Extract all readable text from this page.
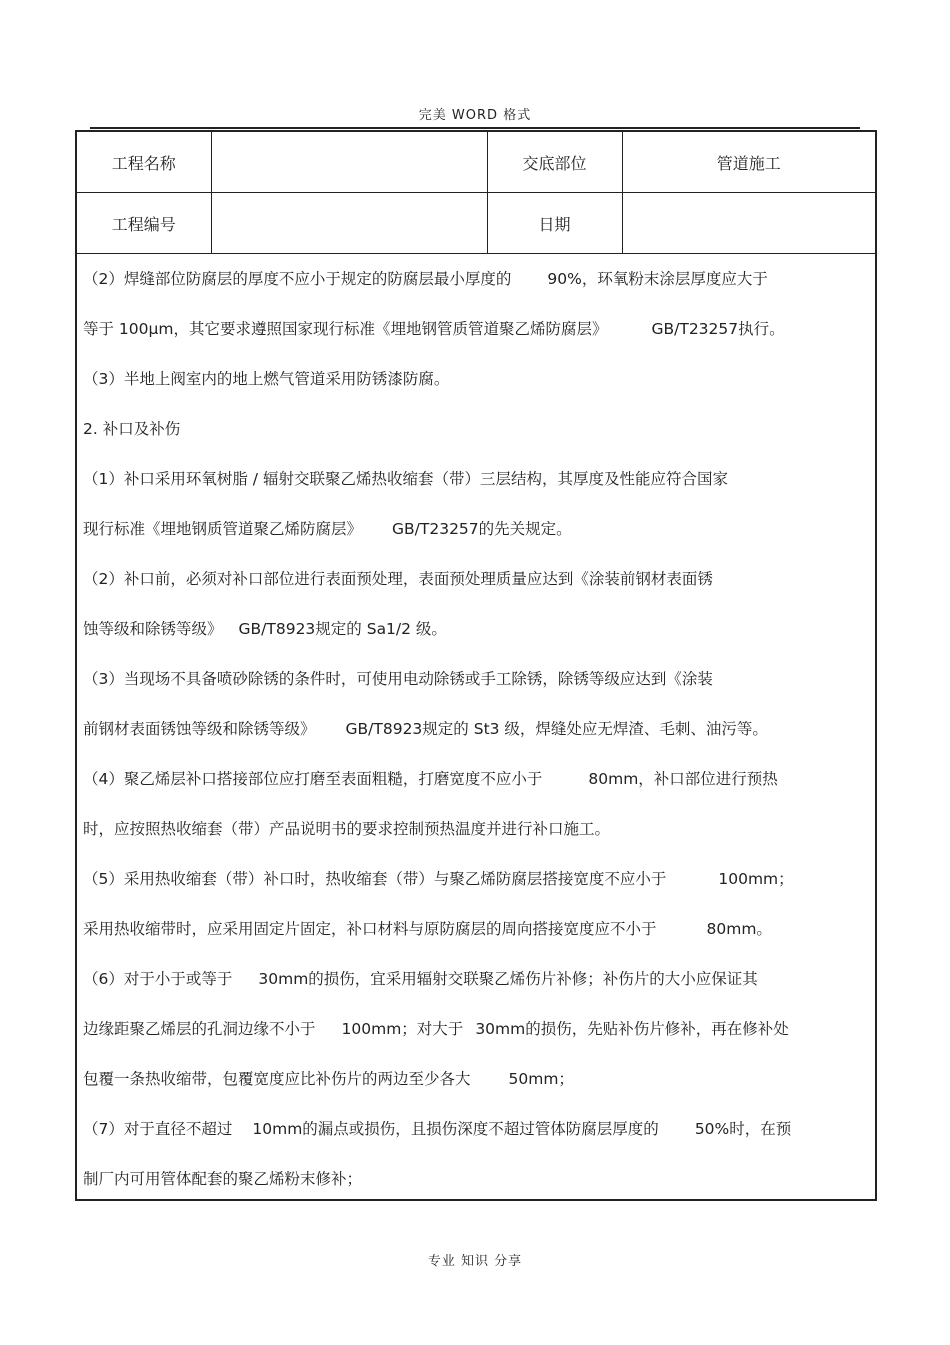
完美 WORD 格式
工程名称		交底部位	管道施工
工程编号		日期	
（2）焊缝部位防腐层的厚度不应小于规定的防腐层最小厚度的 90%，环氧粉末涂层厚度应大于
等于 100μm，其它要求遵照国家现行标准《埋地钢管质管道聚乙烯防腐层》	GB/T23257执行。
（3）半地上阀室内的地上燃气管道采用防锈漆防腐。
2. 补口及补伤
（1）补口采用环氧树脂 / 辐射交联聚乙烯热收缩套（带）三层结构，其厚度及性能应符合国家
现行标准《埋地钢质管道聚乙烯防腐层》 GB/T23257的先关规定。
（2）补口前，必须对补口部位进行表面预处理，表面预处理质量应达到《涂装前钢材表面锈
蚀等级和除锈等级》 GB/T8923规定的 Sa1/2 级。
（3）当现场不具备喷砂除锈的条件时，可使用电动除锈或手工除锈，除锈等级应达到《涂装
前钢材表面锈蚀等级和除锈等级》 GB/T8923规定的 St3 级，焊缝处应无焊渣、毛刺、油污等。
（4）聚乙烯层补口搭接部位应打磨至表面粗糙，打磨宽度不应小于	80mm，补口部位进行预热
时，应按照热收缩套（带）产品说明书的要求控制预热温度并进行补口施工。
（5）采用热收缩套（带）补口时，热收缩套（带）与聚乙烯防腐层搭接宽度不应小于	100mm；
采用热收缩带时，应采用固定片固定，补口材料与原防腐层的周向搭接宽度应不小于	80mm。
（6）对于小于或等于 30mm的损伤，宜采用辐射交联聚乙烯伤片补修；补伤片的大小应保证其
边缘距聚乙烯层的孔洞边缘不小于 100mm；对大于 30mm的损伤，先贴补伤片修补，再在修补处
包覆一条热收缩带，包覆宽度应比补伤片的两边至少各大 50mm；
（7）对于直径不超过 10mm的漏点或损伤，且损伤深度不超过管体防腐层厚度的 50%时，在预
制厂内可用管体配套的聚乙烯粉末修补；
专业 知识 分享
